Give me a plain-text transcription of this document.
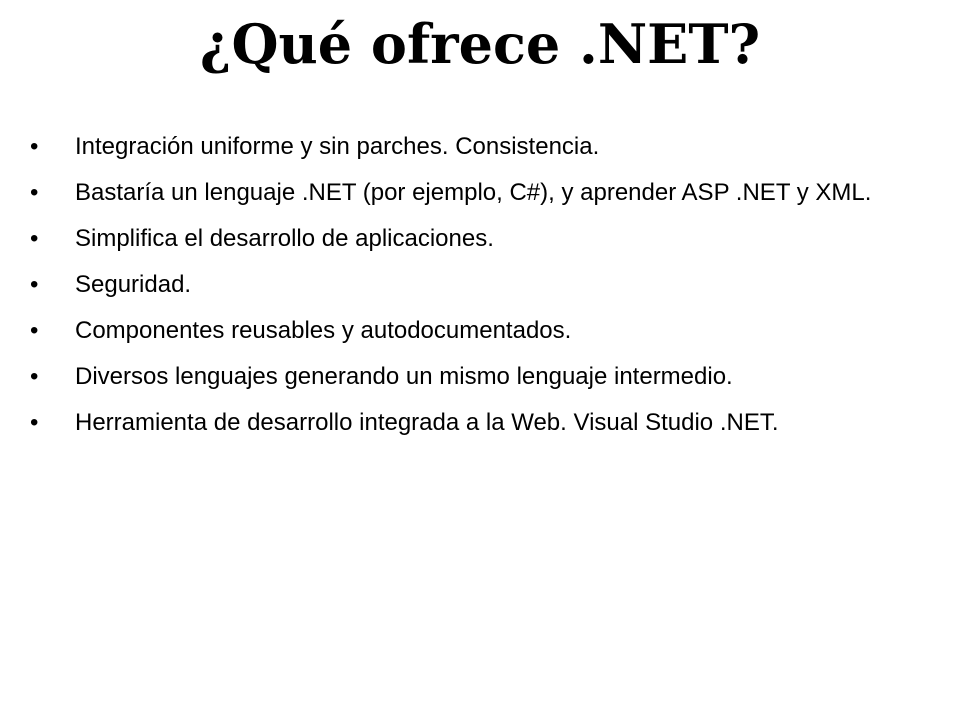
¿Qué ofrece .NET?
•	Integración uniforme y sin parches. Consistencia.
•	Bastaría un lenguaje .NET (por ejemplo, C#), y aprender ASP .NET y XML.
•	Simplifica el desarrollo de aplicaciones.
•	Seguridad.
•	Componentes reusables y autodocumentados.
•	Diversos lenguajes generando un mismo lenguaje intermedio.
•	Herramienta de desarrollo integrada a la Web. Visual Studio .NET.
